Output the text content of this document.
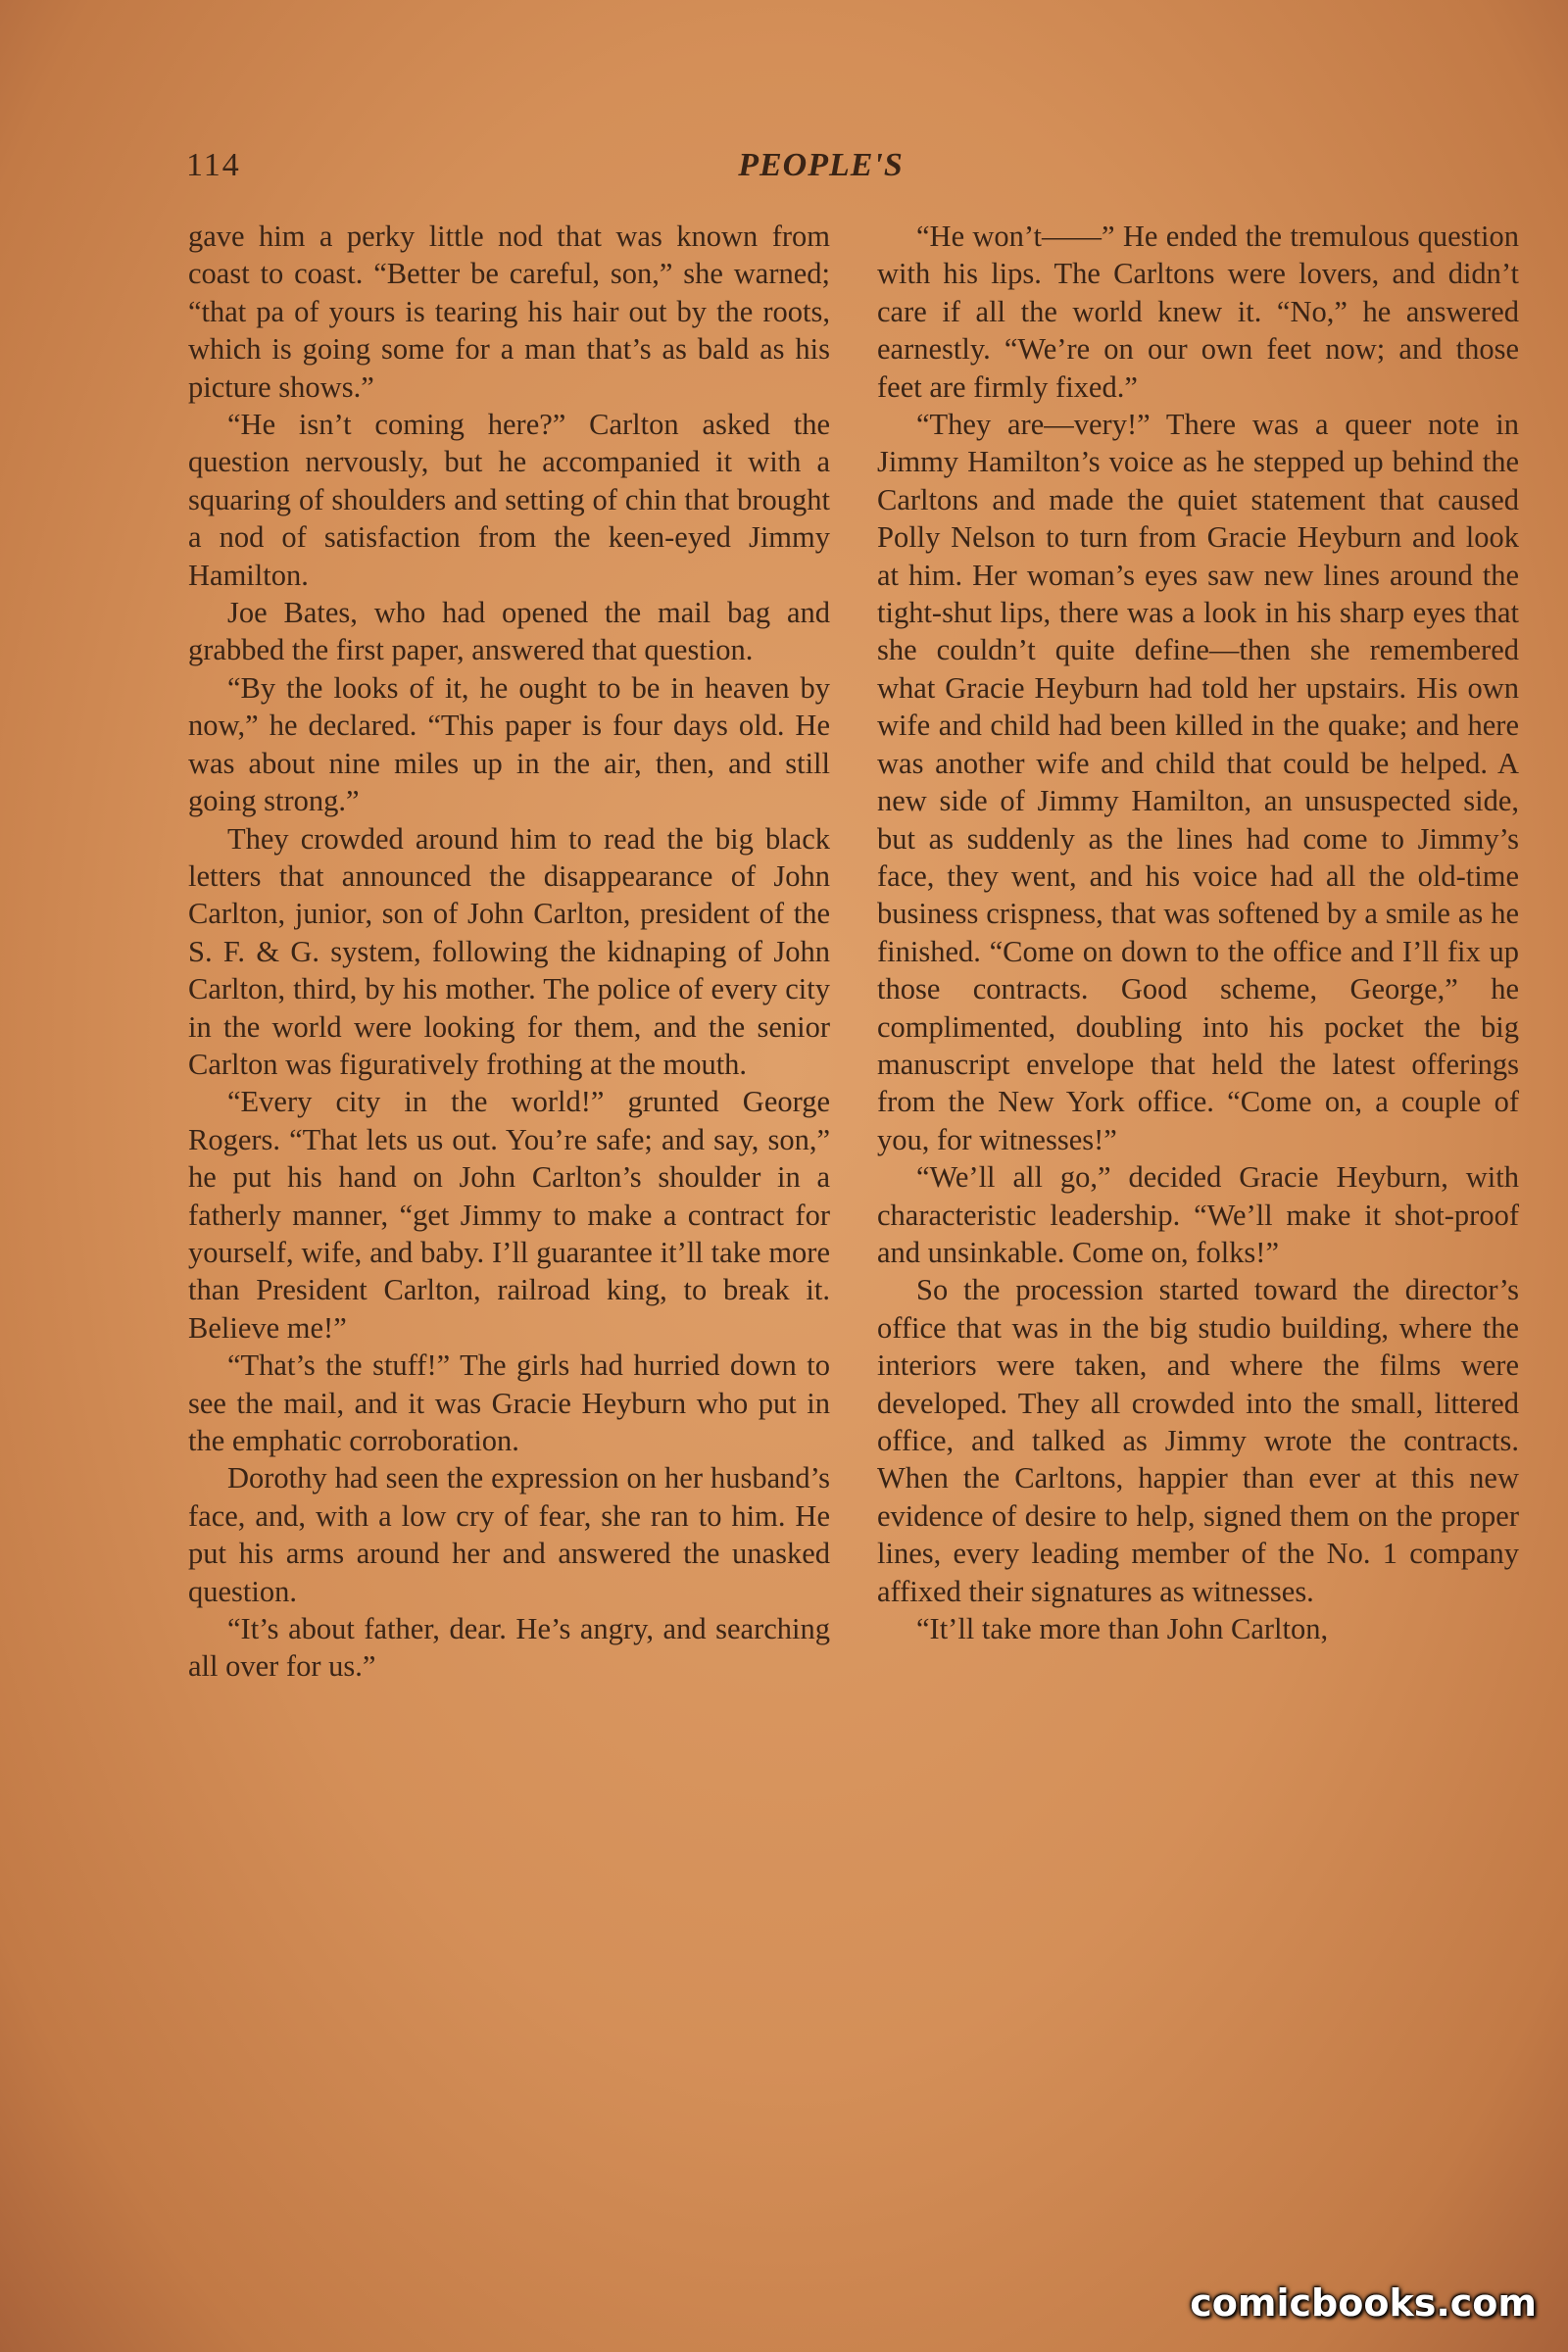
114	PEOPLE'S

gave him a perky little nod that was known from coast to coast. “Better be careful, son,” she warned; “that pa of yours is tearing his hair out by the roots, which is going some for a man that’s as bald as his picture shows.”

“He isn’t coming here?” Carlton asked the question nervously, but he accompanied it with a squaring of shoulders and setting of chin that brought a nod of satisfaction from the keen-eyed Jimmy Hamilton.

Joe Bates, who had opened the mail bag and grabbed the first paper, answered that question.

“By the looks of it, he ought to be in heaven by now,” he declared. “This paper is four days old. He was about nine miles up in the air, then, and still going strong.”

They crowded around him to read the big black letters that announced the disappearance of John Carlton, junior, son of John Carlton, president of the S. F. & G. system, following the kidnaping of John Carlton, third, by his mother. The police of every city in the world were looking for them, and the senior Carlton was figuratively frothing at the mouth.

“Every city in the world!” grunted George Rogers. “That lets us out. You’re safe; and say, son,” he put his hand on John Carlton’s shoulder in a fatherly manner, “get Jimmy to make a contract for yourself, wife, and baby. I’ll guarantee it’ll take more than President Carlton, railroad king, to break it. Believe me!”

“That’s the stuff!” The girls had hurried down to see the mail, and it was Gracie Heyburn who put in the emphatic corroboration.

Dorothy had seen the expression on her husband’s face, and, with a low cry of fear, she ran to him. He put his arms around her and answered the unasked question.

“It’s about father, dear. He’s angry, and searching all over for us.”

“He won’t——” He ended the tremulous question with his lips. The Carltons were lovers, and didn’t care if all the world knew it. “No,” he answered earnestly. “We’re on our own feet now; and those feet are firmly fixed.”

“They are—very!” There was a queer note in Jimmy Hamilton’s voice as he stepped up behind the Carltons and made the quiet statement that caused Polly Nelson to turn from Gracie Heyburn and look at him. Her woman’s eyes saw new lines around the tight-shut lips, there was a look in his sharp eyes that she couldn’t quite define—then she remembered what Gracie Heyburn had told her upstairs. His own wife and child had been killed in the quake; and here was another wife and child that could be helped. A new side of Jimmy Hamilton, an unsuspected side, but as suddenly as the lines had come to Jimmy’s face, they went, and his voice had all the old-time business crispness, that was softened by a smile as he finished. “Come on down to the office and I’ll fix up those contracts. Good scheme, George,” he complimented, doubling into his pocket the big manuscript envelope that held the latest offerings from the New York office. “Come on, a couple of you, for witnesses!”

“We’ll all go,” decided Gracie Heyburn, with characteristic leadership. “We’ll make it shot-proof and unsinkable. Come on, folks!”

So the procession started toward the director’s office that was in the big studio building, where the interiors were taken, and where the films were developed. They all crowded into the small, littered office, and talked as Jimmy wrote the contracts. When the Carltons, happier than ever at this new evidence of desire to help, signed them on the proper lines, every leading member of the No. 1 company affixed their signatures as witnesses.

“It’ll take more than John Carlton,

comicbooks.com
